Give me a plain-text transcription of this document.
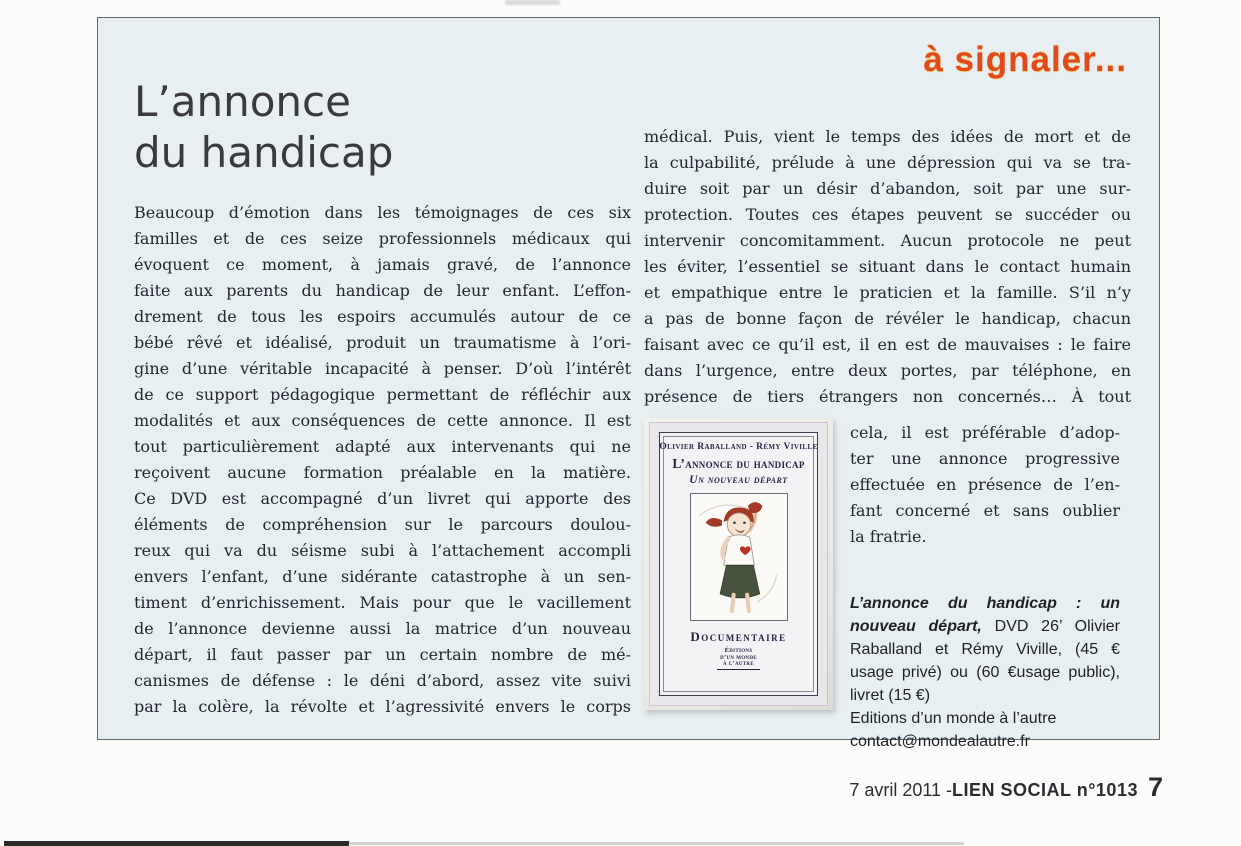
à signaler...
L’annonce
du handicap
Beaucoup d’émotion dans les témoignages de ces six
familles et de ces seize professionnels médicaux qui
évoquent ce moment, à jamais gravé, de l’annonce
faite aux parents du handicap de leur enfant. L’effon-
drement de tous les espoirs accumulés autour de ce
bébé rêvé et idéalisé, produit un traumatisme à l’ori-
gine d’une véritable incapacité à penser. D’où l’intérêt
de ce support pédagogique permettant de réfléchir aux
modalités et aux conséquences de cette annonce. Il est
tout particulièrement adapté aux intervenants qui ne
reçoivent aucune formation préalable en la matière.
Ce DVD est accompagné d’un livret qui apporte des
éléments de compréhension sur le parcours doulou-
reux qui va du séisme subi à l’attachement accompli
envers l’enfant, d’une sidérante catastrophe à un sen-
timent d’enrichissement. Mais pour que le vacillement
de l’annonce devienne aussi la matrice d’un nouveau
départ, il faut passer par un certain nombre de mé-
canismes de défense : le déni d’abord, assez vite suivi
par la colère, la révolte et l’agressivité envers le corps
médical. Puis, vient le temps des idées de mort et de
la culpabilité, prélude à une dépression qui va se tra-
duire soit par un désir d’abandon, soit par une sur-
protection. Toutes ces étapes peuvent se succéder ou
intervenir concomitamment. Aucun protocole ne peut
les éviter, l’essentiel se situant dans le contact humain
et empathique entre le praticien et la famille. S’il n’y
a pas de bonne façon de révéler le handicap, chacun
faisant avec ce qu’il est, il en est de mauvaises : le faire
dans l’urgence, entre deux portes, par téléphone, en
présence de tiers étrangers non concernés… À tout
Olivier Raballand - Rémy Viville
L’annonce du handicap
Un nouveau départ
Documentaire
Éditions
d’un monde
à l’autre
cela, il est préférable d’adop-
ter une annonce progressive
effectuée en présence de l’en-
fant concerné et sans oublier
la fratrie.
L’annonce du handicap : un nouveau départ, DVD 26’ Olivier Raballand et Rémy Viville, (45 € usage privé) ou (60 €usage public), livret (15 €)
Editions d’un monde à l’autre
contact@mondealautre.fr
7 avril 2011 - LIEN SOCIAL n°1013 7
